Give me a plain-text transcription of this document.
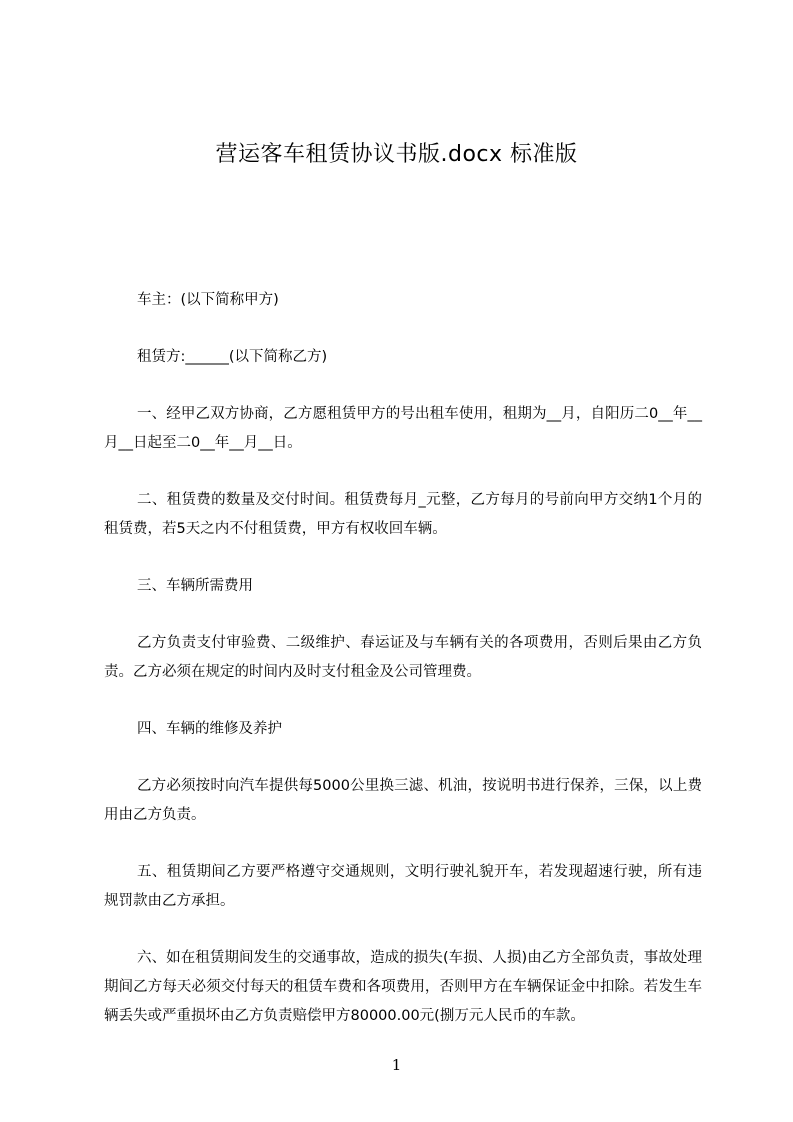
营运客车租赁协议书版.docx 标准版

车主：(以下简称甲方)

租赁方:______(以下简称乙方)

一、经甲乙双方协商，乙方愿租赁甲方的号出租车使用，租期为__月，自阳历二0__年__月__日起至二0__年__月__日。

二、租赁费的数量及交付时间。租赁费每月_元整，乙方每月的号前向甲方交纳1个月的租赁费，若5天之内不付租赁费，甲方有权收回车辆。

三、车辆所需费用

乙方负责支付审验费、二级维护、春运证及与车辆有关的各项费用，否则后果由乙方负责。乙方必须在规定的时间内及时支付租金及公司管理费。

四、车辆的维修及养护

乙方必须按时向汽车提供每5000公里换三滤、机油，按说明书进行保养，三保，以上费用由乙方负责。

五、租赁期间乙方要严格遵守交通规则，文明行驶礼貌开车，若发现超速行驶，所有违规罚款由乙方承担。

六、如在租赁期间发生的交通事故，造成的损失(车损、人损)由乙方全部负责，事故处理期间乙方每天必须交付每天的租赁车费和各项费用，否则甲方在车辆保证金中扣除。若发生车辆丢失或严重损坏由乙方负责赔偿甲方80000.00元(捌万元人民币的车款。

1
